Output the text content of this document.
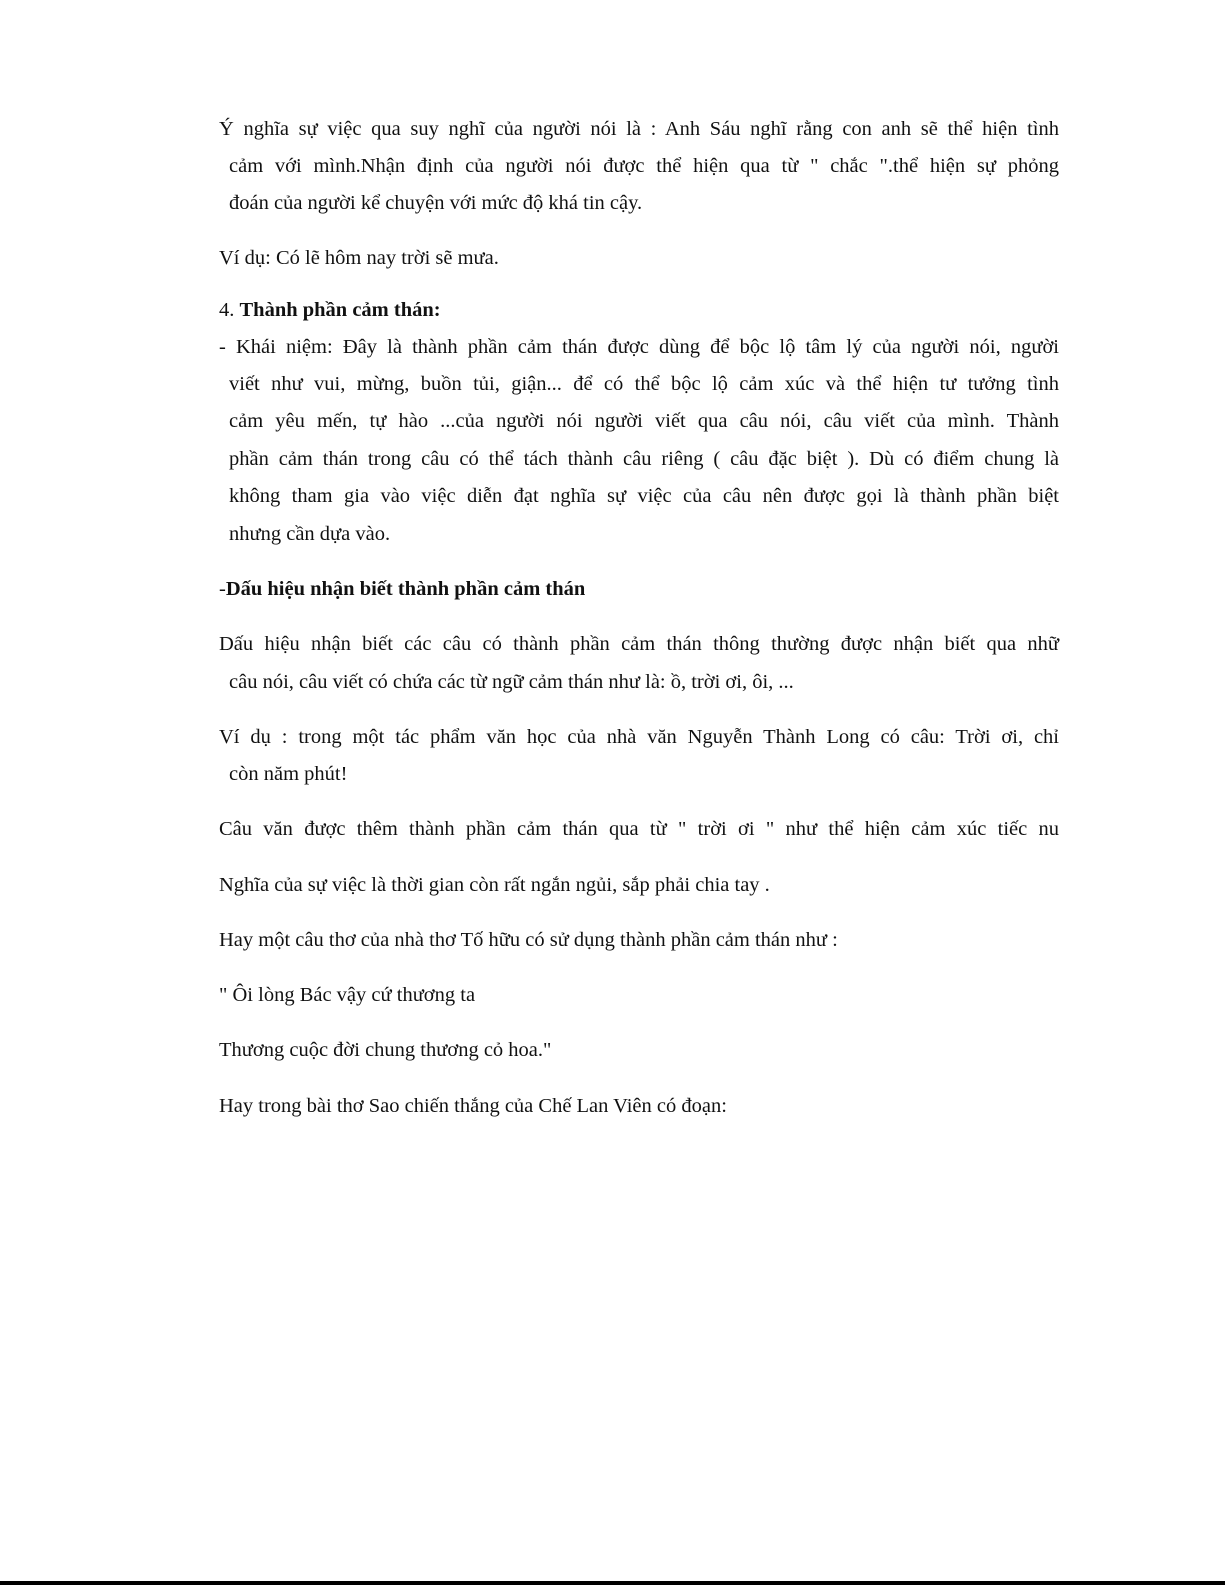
Ý nghĩa sự việc qua suy nghĩ của người nói là : Anh Sáu nghĩ rằng con anh sẽ thể hiện tình
cảm với mình.Nhận định của người nói được thể hiện qua từ " chắc ".thể hiện sự phỏng
đoán của người kể chuyện với mức độ khá tin cậy.
Ví dụ: Có lẽ hôm nay trời sẽ mưa.
4. Thành phần cảm thán:
- Khái niệm: Đây là thành phần cảm thán được dùng để bộc lộ tâm lý của người nói, người
viết như vui, mừng, buồn tủi, giận... để có thể bộc lộ cảm xúc và thể hiện tư tưởng tình
cảm yêu mến, tự hào ...của người nói người viết qua câu nói, câu viết của mình. Thành
phần cảm thán trong câu có thể tách thành câu riêng ( câu đặc biệt ). Dù có điểm chung là
không tham gia vào việc diễn đạt nghĩa sự việc của câu nên được gọi là thành phần biệt
nhưng cần dựa vào.
-Dấu hiệu nhận biết thành phần cảm thán
Dấu hiệu nhận biết các câu có thành phần cảm thán thông thường được nhận biết qua nhữ
câu nói, câu viết có chứa các từ ngữ cảm thán như là: ồ, trời ơi, ôi, ...
Ví dụ : trong một tác phẩm văn học của nhà văn Nguyễn Thành Long có câu: Trời ơi, chỉ
còn năm phút!
Câu văn được thêm thành phần cảm thán qua từ " trời ơi " như thể hiện cảm xúc tiếc nu
Nghĩa của sự việc là thời gian còn rất ngắn ngủi, sắp phải chia tay .
Hay một câu thơ của nhà thơ Tố hữu có sử dụng thành phần cảm thán như :
" Ôi lòng Bác vậy cứ thương ta
Thương cuộc đời chung thương cỏ hoa."
Hay trong bài thơ Sao chiến thắng của Chế Lan Viên có đoạn:
